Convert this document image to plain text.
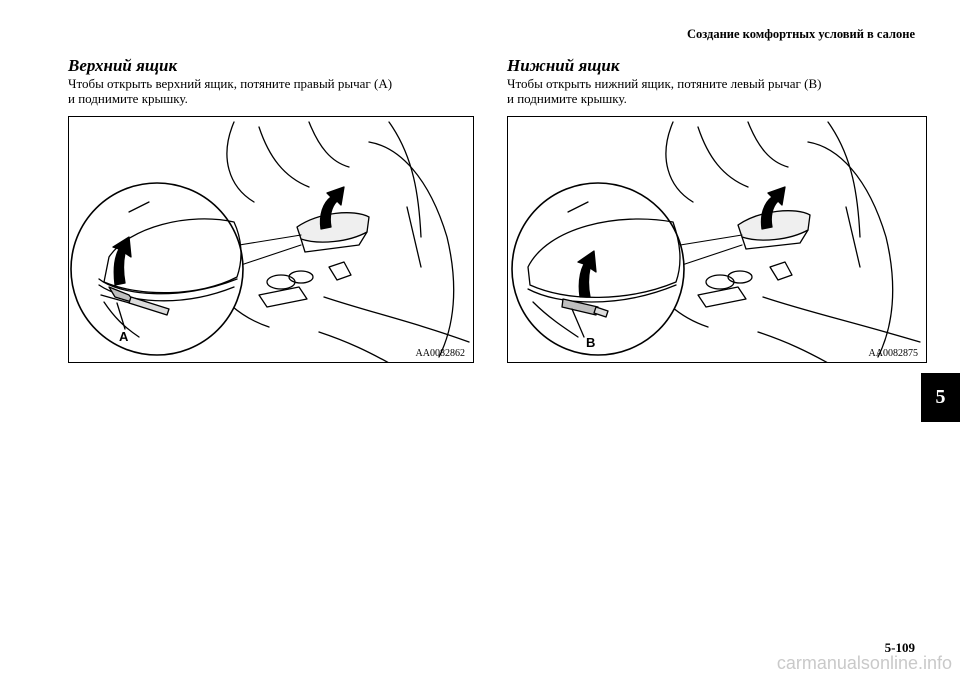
Создание комфортных условий в салоне

Верхний ящик

Чтобы открыть верхний ящик, потяните правый рычаг (A)
и поднимите крышку.

Нижний ящик

Чтобы открыть нижний ящик, потяните левый рычаг (B)
и поднимите крышку.

A
AA0082862
B
AA0082875
5
5-109
carmanualsonline.info
